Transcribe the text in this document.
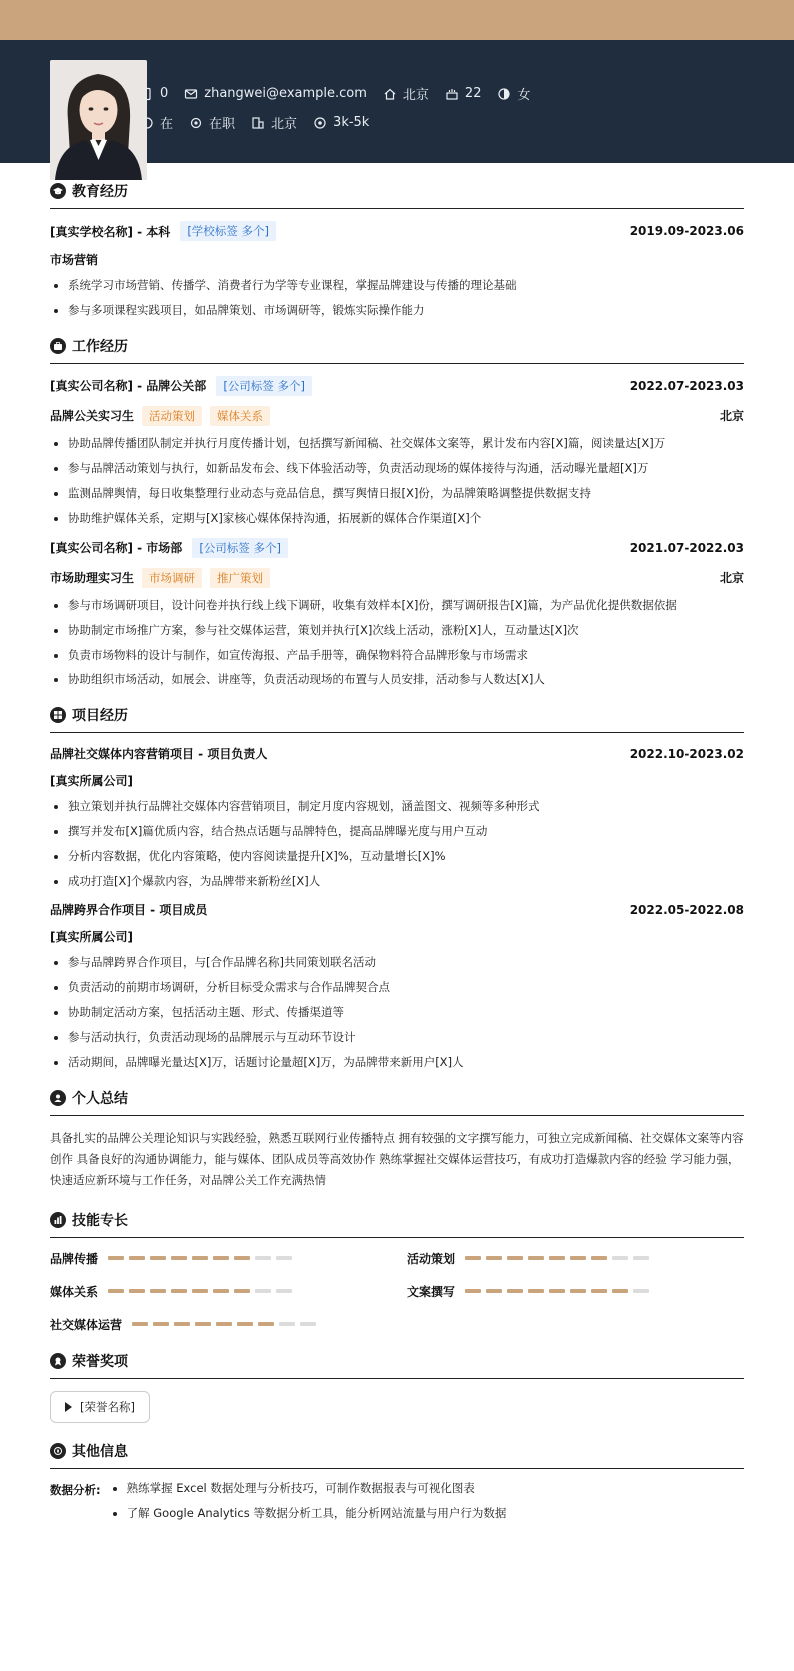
0	zhangwei@example.com	北京	22	女
在	在职	北京	3k-5k
教育经历
[真实学校名称] - 本科	[学校标签 多个]	2019.09-2023.06
市场营销
系统学习市场营销、传播学、消费者行为学等专业课程，掌握品牌建设与传播的理论基础
参与多项课程实践项目，如品牌策划、市场调研等，锻炼实际操作能力
工作经历
[真实公司名称] - 品牌公关部	[公司标签 多个]	2022.07-2023.03
品牌公关实习生	活动策划	媒体关系	北京
协助品牌传播团队制定并执行月度传播计划，包括撰写新闻稿、社交媒体文案等，累计发布内容[X]篇，阅读量达[X]万
参与品牌活动策划与执行，如新品发布会、线下体验活动等，负责活动现场的媒体接待与沟通，活动曝光量超[X]万
监测品牌舆情，每日收集整理行业动态与竞品信息，撰写舆情日报[X]份，为品牌策略调整提供数据支持
协助维护媒体关系，定期与[X]家核心媒体保持沟通，拓展新的媒体合作渠道[X]个
[真实公司名称] - 市场部	[公司标签 多个]	2021.07-2022.03
市场助理实习生	市场调研	推广策划	北京
参与市场调研项目，设计问卷并执行线上线下调研，收集有效样本[X]份，撰写调研报告[X]篇，为产品优化提供数据依据
协助制定市场推广方案，参与社交媒体运营，策划并执行[X]次线上活动，涨粉[X]人，互动量达[X]次
负责市场物料的设计与制作，如宣传海报、产品手册等，确保物料符合品牌形象与市场需求
协助组织市场活动，如展会、讲座等，负责活动现场的布置与人员安排，活动参与人数达[X]人
项目经历
品牌社交媒体内容营销项目 - 项目负责人	2022.10-2023.02
[真实所属公司]
独立策划并执行品牌社交媒体内容营销项目，制定月度内容规划，涵盖图文、视频等多种形式
撰写并发布[X]篇优质内容，结合热点话题与品牌特色，提高品牌曝光度与用户互动
分析内容数据，优化内容策略，使内容阅读量提升[X]%，互动量增长[X]%
成功打造[X]个爆款内容，为品牌带来新粉丝[X]人
品牌跨界合作项目 - 项目成员	2022.05-2022.08
[真实所属公司]
参与品牌跨界合作项目，与[合作品牌名称]共同策划联名活动
负责活动的前期市场调研，分析目标受众需求与合作品牌契合点
协助制定活动方案，包括活动主题、形式、传播渠道等
参与活动执行，负责活动现场的品牌展示与互动环节设计
活动期间，品牌曝光量达[X]万，话题讨论量超[X]万，为品牌带来新用户[X]人
个人总结

具备扎实的品牌公关理论知识与实践经验，熟悉互联网行业传播特点 拥有较强的文字撰写能力，可独立完成新闻稿、社交媒体文案等内容创作 具备良好的沟通协调能力，能与媒体、团队成员等高效协作 熟练掌握社交媒体运营技巧，有成功打造爆款内容的经验 学习能力强，快速适应新环境与工作任务，对品牌公关工作充满热情

技能专长
品牌传播	活动策划
媒体关系	文案撰写
社交媒体运营
荣誉奖项
[荣誉名称]
其他信息
数据分析:	熟练掌握 Excel 数据处理与分析技巧，可制作数据报表与可视化图表
了解 Google Analytics 等数据分析工具，能分析网站流量与用户行为数据
